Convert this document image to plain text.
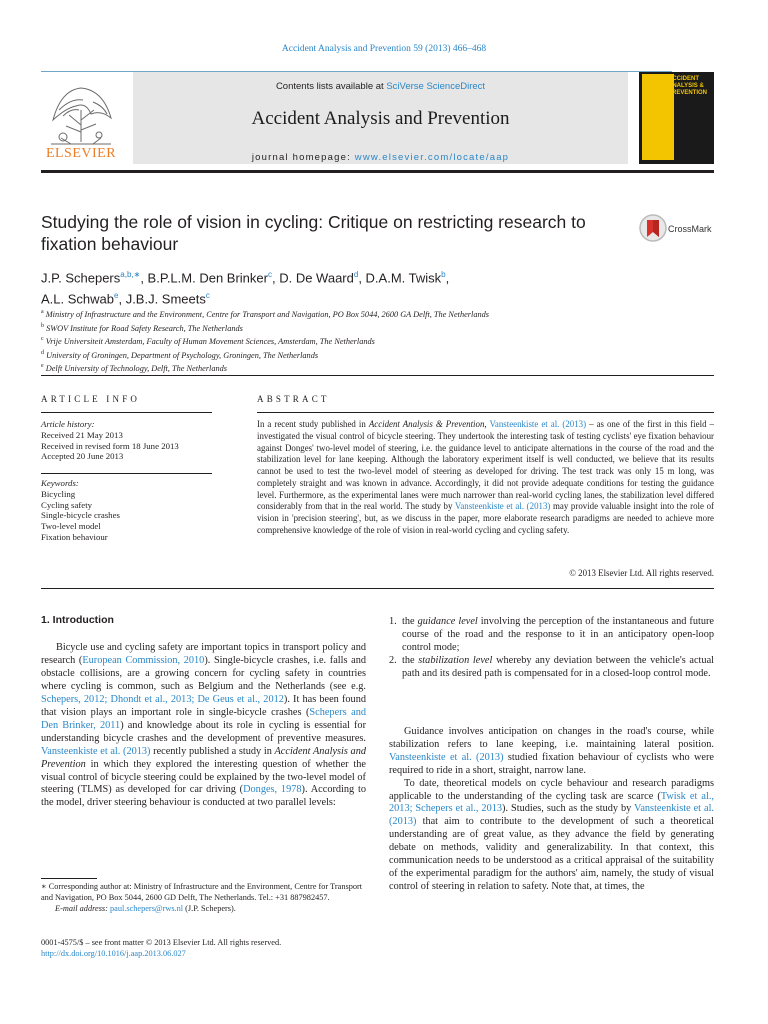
Accident Analysis and Prevention 59 (2013) 466–468
ELSEVIER
Contents lists available at SciVerse ScienceDirect
Accident Analysis and Prevention
journal homepage: www.elsevier.com/locate/aap
ACCIDENT ANALYSIS & PREVENTION
Studying the role of vision in cycling: Critique on restricting research to fixation behaviour
CrossMark
J.P. Schepers$^{a,b,∗}$, B.P.L.M. Den Brinker$^c$, D. De Waard$^d$, D.A.M. Twisk$^b$,
A.L. Schwab$^e$, J.B.J. Smeets$^c$
$^a$ Ministry of Infrastructure and the Environment, Centre for Transport and Navigation, PO Box 5044, 2600 GA Delft, The Netherlands
$^b$ SWOV Institute for Road Safety Research, The Netherlands
$^c$ Vrije Universiteit Amsterdam, Faculty of Human Movement Sciences, Amsterdam, The Netherlands
$^d$ University of Groningen, Department of Psychology, Groningen, The Netherlands
$^e$ Delft University of Technology, Delft, The Netherlands
ARTICLE INFO
Article history:
Received 21 May 2013
Received in revised form 18 June 2013
Accepted 20 June 2013
Keywords:
Bicycling
Cycling safety
Single-bicycle crashes
Two-level model
Fixation behaviour
ABSTRACT
In a recent study published in Accident Analysis & Prevention, Vansteenkiste et al. (2013) – as one of the first in this field – investigated the visual control of bicycle steering. They undertook the interesting task of testing cyclists' eye fixation behaviour against Donges' two-level model of steering, i.e. the guidance level to anticipate alternations in the course of the road and the stabilization level for lane keeping. Although the laboratory experiment itself is well conducted, we believe that its results cannot be used to test the two-level model of steering as developed for driving. The test track was only 15 m long, was completely straight and was known in advance. Accordingly, it did not provide adequate conditions for testing the guidance level. Furthermore, as the experimental lanes were much narrower than real-world cycling lanes, the stabilization level differed considerably from that in the real world. The study by Vansteenkiste et al. (2013) may provide valuable insight into the role of vision in 'precision steering', but, as we discuss in the paper, more elaborate research paradigms are needed to achieve more comprehensive knowledge of the role of vision in real-world cycling and cycling safety.
© 2013 Elsevier Ltd. All rights reserved.
1. Introduction

Bicycle use and cycling safety are important topics in transport policy and research (European Commission, 2010). Single-bicycle crashes, i.e. falls and obstacle collisions, are a growing concern for cycling safety in countries where cycling is common, such as Belgium and the Netherlands (see e.g. Schepers, 2012; Dhondt et al., 2013; De Geus et al., 2012). It has been found that vision plays an important role in single-bicycle crashes (Schepers and Den Brinker, 2011) and knowledge about its role in cycling is essential for understanding bicycle crashes and the development of preventive measures. Vansteenkiste et al. (2013) recently published a study in Accident Analysis and Prevention in which they explored the interesting question of whether the visual control of bicycle steering could be explained by the two-level model of steering (TLMS) as developed for car driving (Donges, 1978). According to the model, driver steering behaviour is conducted at two parallel levels:

1. the guidance level involving the perception of the instantaneous and future course of the road and the response to it in an anticipatory open-loop control mode;

2. the stabilization level whereby any deviation between the vehicle's actual path and its desired path is compensated for in a closed-loop control mode.

Guidance involves anticipation on changes in the road's course, while stabilization refers to lane keeping, i.e. maintaining lateral position. Vansteenkiste et al. (2013) studied fixation behaviour of cyclists who were required to ride in a short, straight, narrow lane.

To date, theoretical models on cycle behaviour and research paradigms applicable to the understanding of the cycling task are scarce (Twisk et al., 2013; Schepers et al., 2013). Studies, such as the study by Vansteenkiste et al. (2013) that aim to contribute to the development of such a theoretical understanding are of great value, as they advance the field by generating debate on methods, validity and generalizability. In that context, this communication needs to be understood as a critical appraisal of the suitability of the experimental paradigm for the authors' aim, namely, the study of visual control of steering in relation to safety. Note that, at times, the

∗ Corresponding author at: Ministry of Infrastructure and the Environment, Centre for Transport and Navigation, PO Box 5044, 2600 GD Delft, The Netherlands. Tel.: +31 887982457.
E-mail address: paul.schepers@rws.nl (J.P. Schepers).
0001-4575/$ – see front matter © 2013 Elsevier Ltd. All rights reserved.
http://dx.doi.org/10.1016/j.aap.2013.06.027
